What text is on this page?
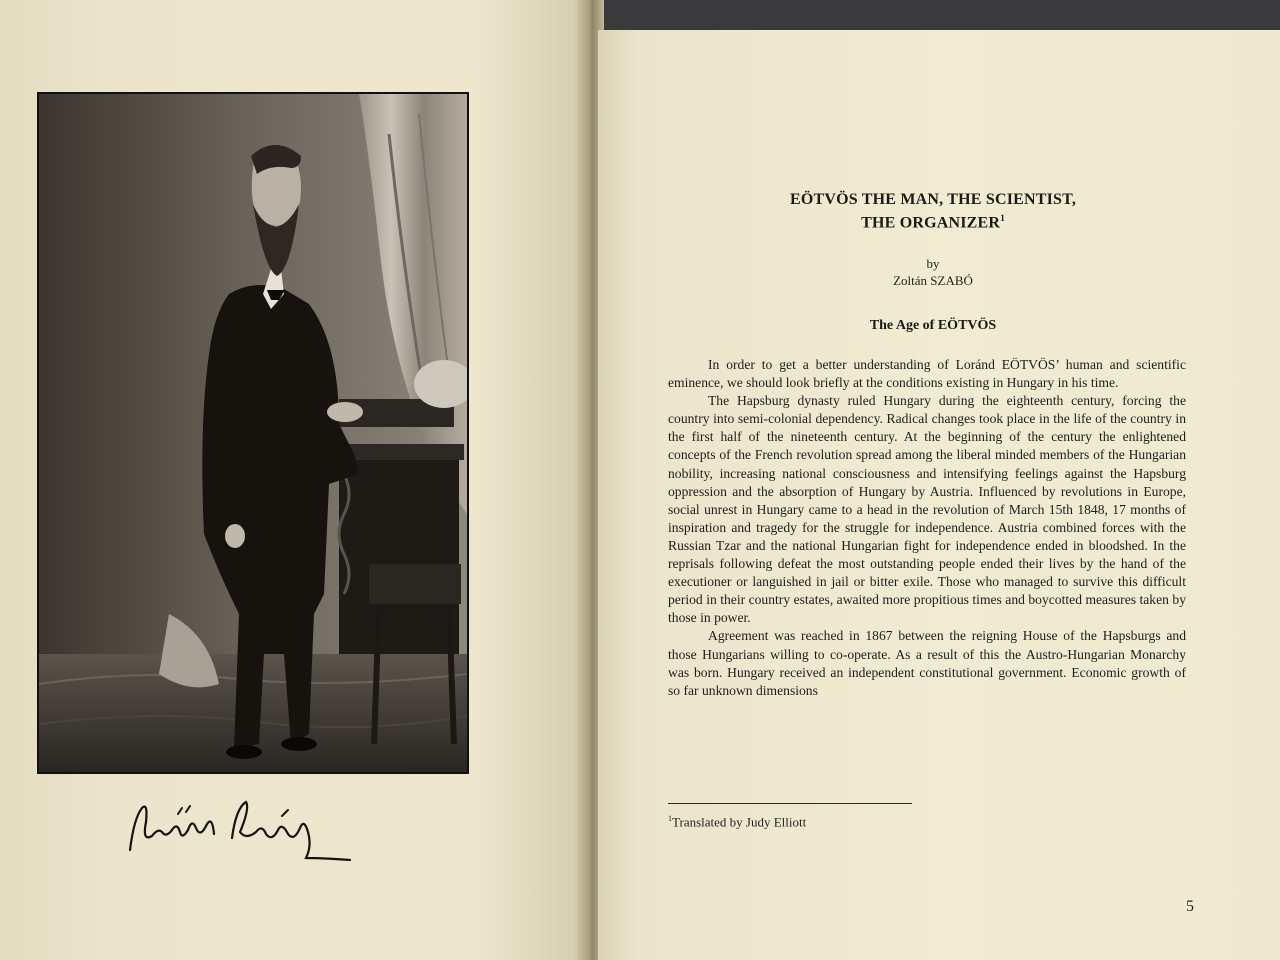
EÖTVÖS THE MAN, THE SCIENTIST,
THE ORGANIZER$^1$
by
Zoltán SZABÓ
The Age of EÖTVÖS

In order to get a better understanding of Loránd EÖTVÖS’ human and scientific eminence, we should look briefly at the conditions existing in Hungary in his time.

The Hapsburg dynasty ruled Hungary during the eighteenth century, forcing the country into semi-colonial dependency. Radical changes took place in the life of the country in the first half of the nineteenth century. At the beginning of the century the enlightened concepts of the French revolution spread among the liberal minded members of the Hungarian nobility, increasing national consciousness and intensifying feelings against the Hapsburg oppression and the absorption of Hungary by Austria. Influenced by revolutions in Europe, social unrest in Hungary came to a head in the revolution of March 15th 1848, 17 months of inspiration and tragedy for the struggle for independence. Austria combined forces with the Russian Tzar and the national Hungarian fight for independence ended in bloodshed. In the reprisals following defeat the most outstanding people ended their lives by the hand of the executioner or languished in jail or bitter exile. Those who managed to survive this difficult period in their country estates, awaited more propitious times and boycotted measures taken by those in power.

Agreement was reached in 1867 between the reigning House of the Hapsburgs and those Hungarians willing to co-operate. As a result of this the Austro-Hungarian Monarchy was born. Hungary received an independent constitutional government. Economic growth of so far unknown dimensions

$^1$Translated by Judy Elliott
5
